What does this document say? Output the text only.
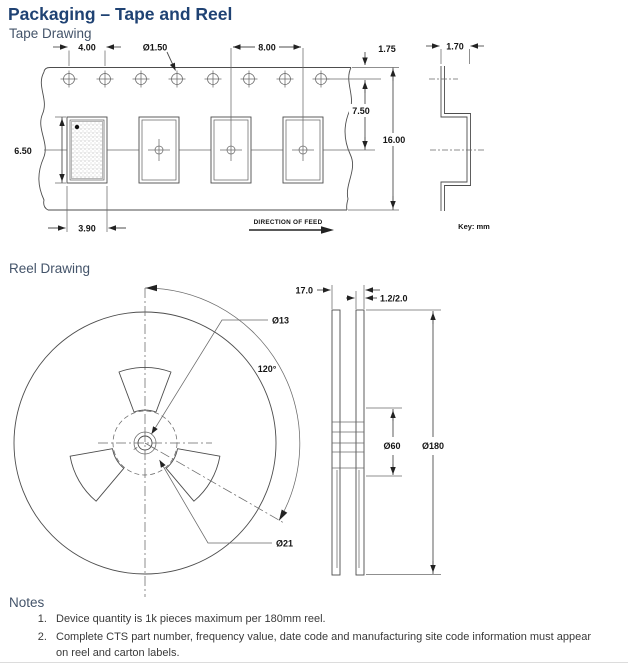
Packaging – Tape and Reel
Tape Drawing
Reel Drawing
Notes
4.00	Ø1.50	8.00	1.75
7.50
16.00
6.50
3.90
1.70
Key: mm
DIRECTION OF FEED
120°
Ø13
Ø21
17.0
1.2/2.0
Ø180
Ø60
1. Device quantity is 1k pieces maximum per 180mm reel.
2. Complete CTS part number, frequency value, date code and manufacturing site code information must appear on reel and carton labels.
